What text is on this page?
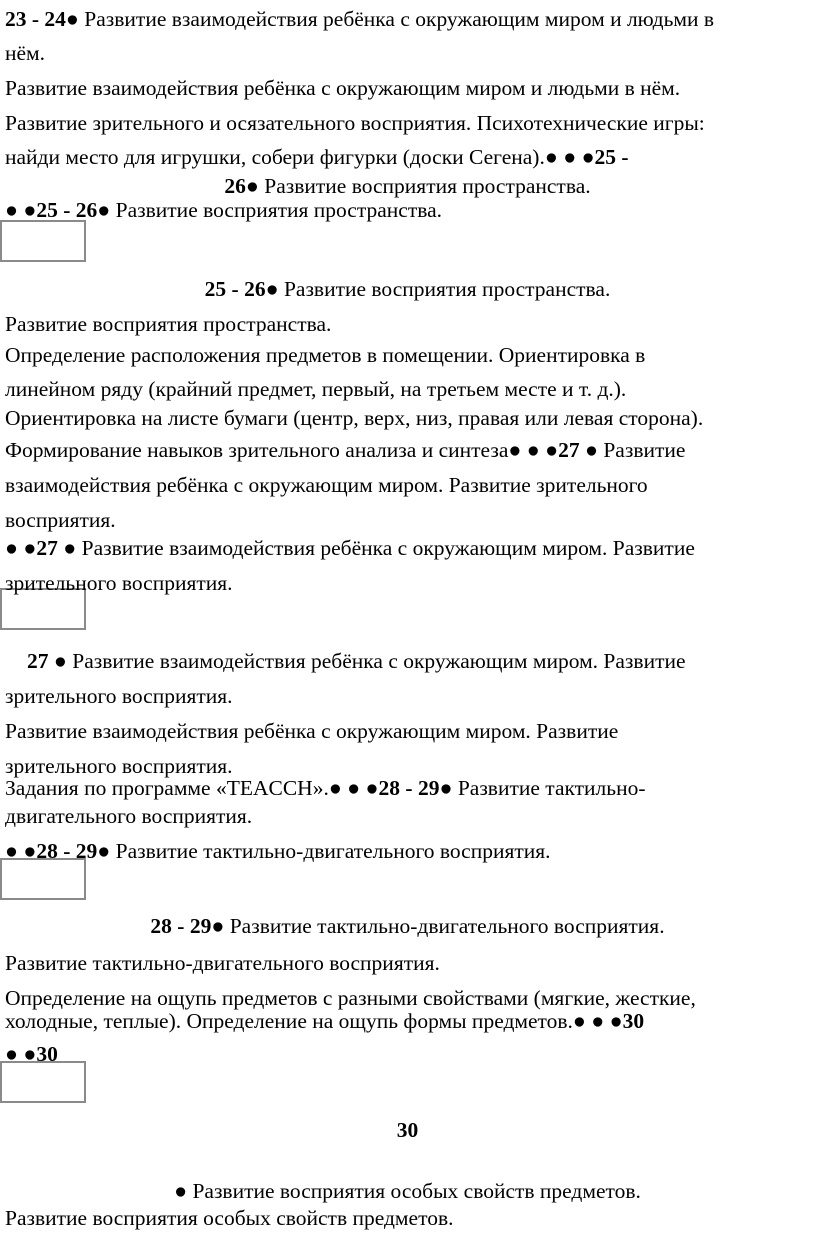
23 - 24● Развитие взаимодействия ребёнка с окружающим миром и людьми в
нём.
Развитие взаимодействия ребёнка с окружающим миром и людьми в нём.
Развитие зрительного и осязательного восприятия. Психотехнические игры:
найди место для игрушки, собери фигурки (доски Сегена).● ● ●25 -
26● Развитие восприятия пространства.
● ●25 - 26● Развитие восприятия пространства.
25 - 26● Развитие восприятия пространства.
Развитие восприятия пространства.
Определение расположения предметов в помещении. Ориентировка в
линейном ряду (крайний предмет, первый, на третьем месте и т. д.).
Ориентировка на листе бумаги (центр, верх, низ, правая или левая сторона).
Формирование навыков зрительного анализа и синтеза● ● ●27 ● Развитие
взаимодействия ребёнка с окружающим миром. Развитие зрительного
восприятия.
● ●27 ● Развитие взаимодействия ребёнка с окружающим миром. Развитие
зрительного восприятия.
27 ● Развитие взаимодействия ребёнка с окружающим миром. Развитие
зрительного восприятия.
Развитие взаимодействия ребёнка с окружающим миром. Развитие
зрительного восприятия.
Задания по программе «TEACCH».● ● ●28 - 29● Развитие тактильно-
двигательного восприятия.
● ●28 - 29● Развитие тактильно-двигательного восприятия.
28 - 29● Развитие тактильно-двигательного восприятия.
Развитие тактильно-двигательного восприятия.
Определение на ощупь предметов с разными свойствами (мягкие, жесткие,
холодные, теплые). Определение на ощупь формы предметов.● ● ●30
● ●30
30
● Развитие восприятия особых свойств предметов.
Развитие восприятия особых свойств предметов.
